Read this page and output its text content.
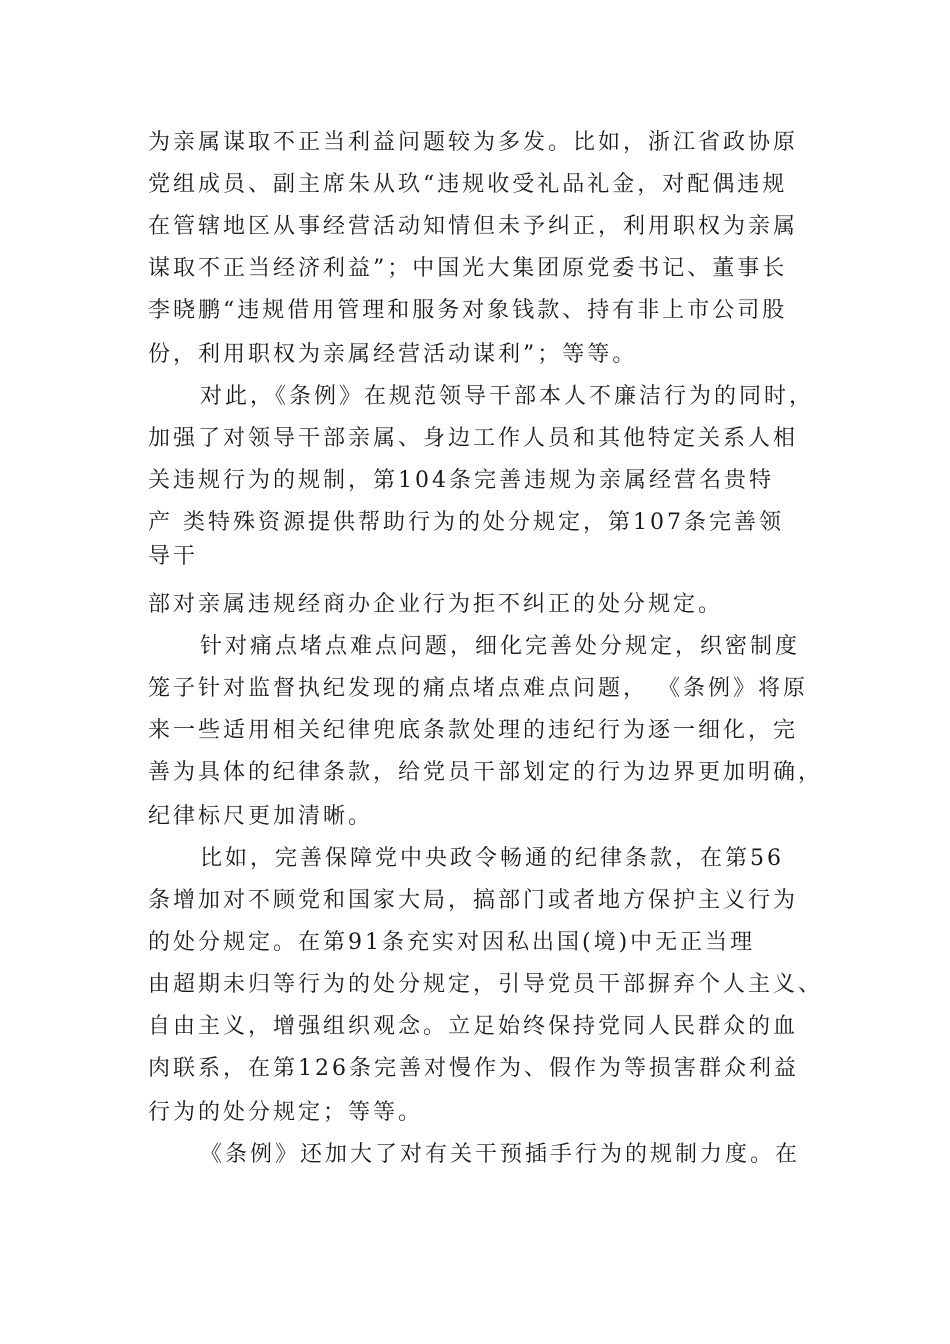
为亲属谋取不正当利益问题较为多发。比如，浙江省政协原
党组成员、副主席朱从玖“违规收受礼品礼金，对配偶违规
在管辖地区从事经营活动知情但未予纠正，利用职权为亲属
谋取不正当经济利益”；中国光大集团原党委书记、董事长
李晓鹏“违规借用管理和服务对象钱款、持有非上市公司股
份，利用职权为亲属经营活动谋利”；等等。
对此，《条例》在规范领导干部本人不廉洁行为的同时，
加强了对领导干部亲属、身边工作人员和其他特定关系人相
关违规行为的规制，第104条完善违规为亲属经营名贵特
产 类特殊资源提供帮助行为的处分规定，第107条完善领
导干
部对亲属违规经商办企业行为拒不纠正的处分规定。
针对痛点堵点难点问题，细化完善处分规定，织密制度
笼子针对监督执纪发现的痛点堵点难点问题， 《条例》将原
来一些适用相关纪律兜底条款处理的违纪行为逐一细化，完
善为具体的纪律条款，给党员干部划定的行为边界更加明确，
纪律标尺更加清晰。
比如，完善保障党中央政令畅通的纪律条款，在第56
条增加对不顾党和国家大局，搞部门或者地方保护主义行为
的处分规定。在第91条充实对因私出国(境)中无正当理
由超期未归等行为的处分规定，引导党员干部摒弃个人主义、
自由主义，增强组织观念。立足始终保持党同人民群众的血
肉联系，在第126条完善对慢作为、假作为等损害群众利益
行为的处分规定；等等。
《条例》还加大了对有关干预插手行为的规制力度。在
